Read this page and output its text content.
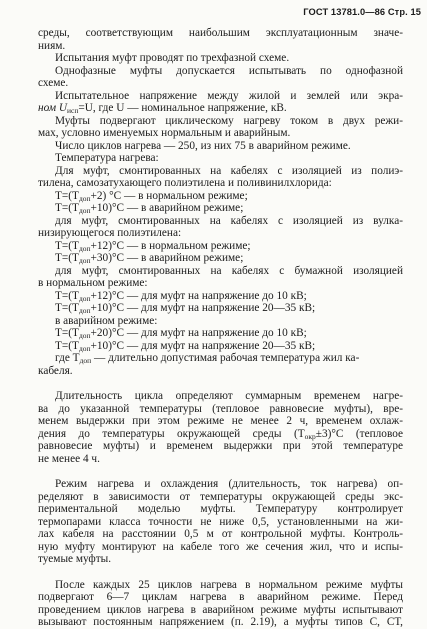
ГОСТ 13781.0—86 Стр. 15
среды, соответствующим наибольшим эксплуатационным значе-
ниям.
Испытания муфт проводят по трехфазной схеме.
Однофазные муфты допускается испытывать по однофазной
схеме.
Испытательное напряжение между жилой и землей или экра-
ном $U_{исп}=U$, где U — номинальное напряжение, кВ.
Муфты подвергают циклическому нагреву током в двух режи-
мах, условно именуемых нормальным и аварийным.
Число циклов нагрева — 250, из них 75 в аварийном режиме.
Температура нагрева:
Для муфт, смонтированных на кабелях с изоляцией из полиэ-
тилена, самозатухающего полиэтилена и поливинилхлорида:
$T=(T_{доп}+2)$ °С — в нормальном режиме;
$T=(T_{доп}+10)^\circ С$ — в аварийном режиме;
для муфт, смонтированных на кабелях с изоляцией из вулка-
низирующегося полиэтилена:
$T=(T_{доп}+12)^\circ С$ — в нормальном режиме;
$T=(T_{доп}+30)^\circ С$ — в аварийном режиме;
для муфт, смонтированных на кабелях с бумажной изоляцией
в нормальном режиме:
$T=(T_{доп}+12)^\circ С$ — для муфт на напряжение до 10 кВ;
$T=(T_{доп}+10)^\circ С$ — для муфт на напряжение 20—35 кВ;
в аварийном режиме:
$T=(T_{доп}+20)^\circ С$ — для муфт на напряжение до 10 кВ;
$T=(T_{доп}+10)^\circ С$ — для муфт на напряжение 20—35 кВ;
где $T_{доп}$ — длительно допустимая рабочая температура жил ка-
кабеля.
Длительность цикла определяют суммарным временем нагре-
ва до указанной температуры (тепловое равновесие муфты), вре-
менем выдержки при этом режиме не менее 2 ч, временем охлаж-
дения до температуры окружающей среды $(T_{окр}\pm 3)^\circ С$ (тепловое
равновесие муфты) и временем выдержки при этой температуре
не менее 4 ч.
Режим нагрева и охлаждения (длительность, ток нагрева) оп-
ределяют в зависимости от температуры окружающей среды экс-
периментальной моделью муфты. Температуру контролирует
термопарами класса точности не ниже 0,5, установленными на жи-
лах кабеля на расстоянии 0,5 м от контрольной муфты. Контроль-
ную муфту монтируют на кабеле того же сечения жил, что и испы-
туемые муфты.
После каждых 25 циклов нагрева в нормальном режиме муфты
подвергают 6—7 циклам нагрева в аварийном режиме. Перед
проведением циклов нагрева в аварийном режиме муфты испытывают
вызывают постоянным напряжением (п. 2.19), а муфты типов С, СТ,
